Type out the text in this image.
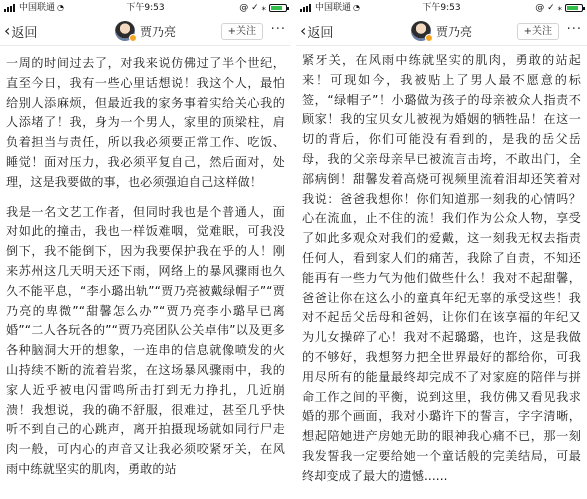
中国联通 ◔	下午9:53	@ ✓ ⁎
‹ 返回	贾乃亮	+关注	···

一周的时间过去了，对我来说仿佛过了半个世纪，直至今日，我有一些心里话想说！我这个人，最怕给别人添麻烦，但最近我的家务事着实给关心我的人添堵了！我，身为一个男人，家里的顶梁柱，肩负着担当与责任，所以我必须要正常工作、吃饭、睡觉！面对压力，我必须平复自己，然后面对，处理，这是我要做的事，也必须强迫自己这样做！

我是一名文艺工作者，但同时我也是个普通人，面对如此的撞击，我也一样饭难咽，觉难眠，可我没倒下，我不能倒下，因为我要保护我在乎的人！刚来苏州这几天明天还下雨，网络上的暴风骤雨也久久不能平息，“李小璐出轨”“贾乃亮被戴绿帽子”“贾乃亮的卑微”“甜馨怎么办”“贾乃亮李小璐早已离婚”“二人各玩各的”“贾乃亮团队公关卓伟”以及更多各种脑洞大开的想象，一连串的信息就像喷发的火山持续不断的流着岩浆，在这场暴风骤雨中，我的家人近乎被电闪雷鸣所击打到无力挣扎，几近崩溃！我想说，我的确不舒服，很难过，甚至几乎快听不到自己的心跳声，离开拍摄现场就如同行尸走肉一般，可内心的声音又让我必须咬紧牙关，在风雨中练就坚实的肌肉，勇敢的站

中国联通 ◔	下午9:53	@ ✓ ⁎
‹ 返回	贾乃亮	+关注	···

紧牙关，在风雨中练就坚实的肌肉，勇敢的站起来！可现如今，我被贴上了男人最不愿意的标签，“绿帽子”！小璐做为孩子的母亲被众人指责不顾家！我的宝贝女儿被视为婚姻的牺牲品！在这一切的背后，你们可能没有看到的，是我的岳父岳母，我的父亲母亲早已被流言击垮，不敢出门，全部病倒！甜馨发着高烧可视频里流着泪却还笑着对我说：爸爸我想你！你们知道那一刻我的心情吗？心在流血，止不住的流！我们作为公众人物，享受了如此多观众对我们的爱戴，这一刻我无权去指责任何人，看到家人们的痛苦，我除了自责，不知还能再有一些力气为他们做些什么！我对不起甜馨，爸爸让你在这么小的童真年纪无辜的承受这些！我对不起岳父岳母和爸妈，让你们在该享福的年纪又为儿女操碎了心！我对不起璐璐，也许，这是我做的不够好，我想努力把全世界最好的都给你，可我用尽所有的能量最终却完成不了对家庭的陪伴与拼命工作之间的平衡，说到这里，我仿佛又看见我求婚的那个画面，我对小璐许下的誓言，字字清晰，想起陪她进产房她无助的眼神我心痛不已，那一刻我发誓我一定要给她一个童话般的完美结局，可最终却变成了最大的遗憾......
